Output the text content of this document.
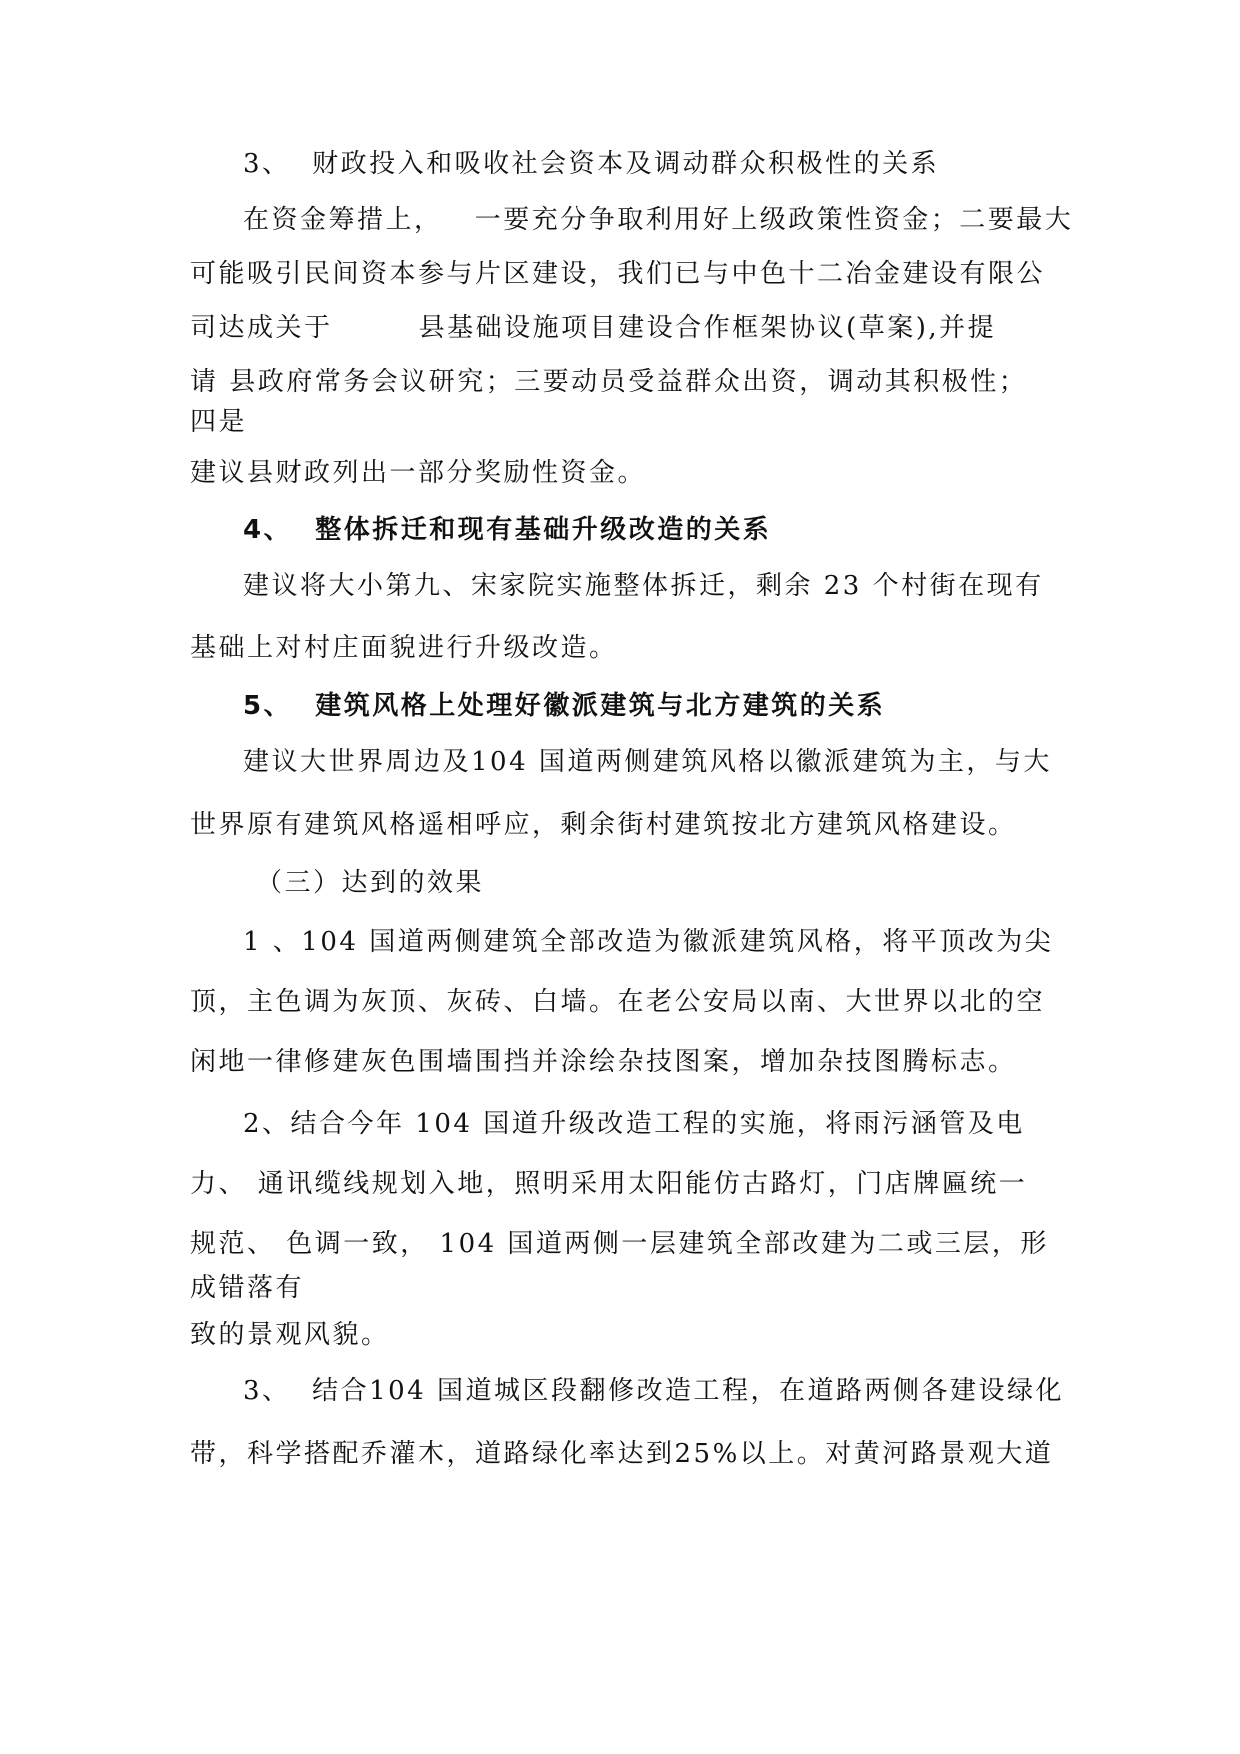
3、  财政投入和吸收社会资本及调动群众积极性的关系
在资金筹措上，   一要充分争取利用好上级政策性资金；二要最大
可能吸引民间资本参与片区建设，我们已与中色十二冶金建设有限公
司达成关于        县基础设施项目建设合作框架协议(草案),并提
请 县政府常务会议研究；三要动员受益群众出资，调动其积极性；
四是
建议县财政列出一部分奖励性资金。
4、  整体拆迁和现有基础升级改造的关系
建议将大小第九、宋家院实施整体拆迁，剩余 23 个村街在现有
基础上对村庄面貌进行升级改造。
5、  建筑风格上处理好徽派建筑与北方建筑的关系
建议大世界周边及104 国道两侧建筑风格以徽派建筑为主，与大
世界原有建筑风格遥相呼应，剩余街村建筑按北方建筑风格建设。
（三）达到的效果
1 、104 国道两侧建筑全部改造为徽派建筑风格，将平顶改为尖
顶，主色调为灰顶、灰砖、白墙。在老公安局以南、大世界以北的空
闲地一律修建灰色围墙围挡并涂绘杂技图案，增加杂技图腾标志。
2、结合今年 104 国道升级改造工程的实施，将雨污涵管及电
力、 通讯缆线规划入地，照明采用太阳能仿古路灯，门店牌匾统一
规范、 色调一致， 104 国道两侧一层建筑全部改建为二或三层，形
成错落有
致的景观风貌。
3、  结合104 国道城区段翻修改造工程，在道路两侧各建设绿化
带，科学搭配乔灌木，道路绿化率达到25%以上。对黄河路景观大道
